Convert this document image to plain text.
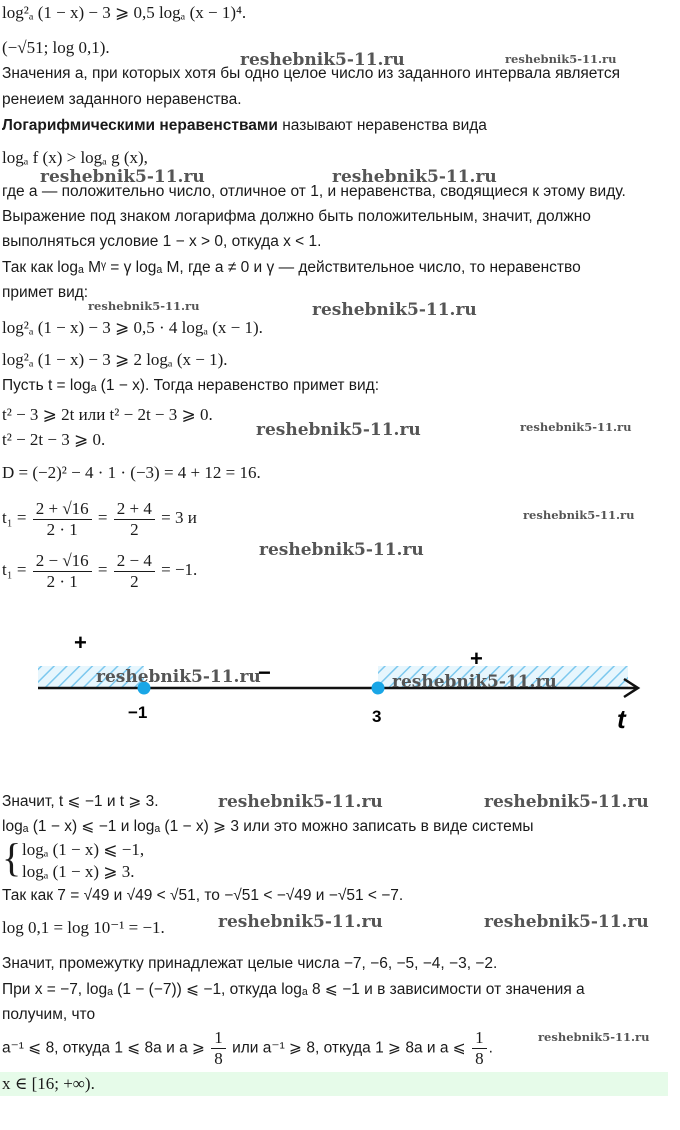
log²ₐ (1 − x) − 3 ⩾ 0,5 logₐ (x − 1)⁴.
(−√51; log 0,1).
Значения a, при которых хотя бы одно целое число из заданного интервала является
ренеием заданного неравенства.
Логарифмическими неравенствами называют неравенства вида
logₐ f (x) > logₐ g (x),
где a — положительно число, отличное от 1, и неравенства, сводящиеся к этому виду.
Выражение под знаком логарифма должно быть положительным, значит, должно
выполняться условие 1 − x > 0, откуда x < 1.
Так как logₐ Mᵞ = γ logₐ M, где a ≠ 0 и γ — действительное число, то неравенство
примет вид:
log²ₐ (1 − x) − 3 ⩾ 0,5 · 4 logₐ (x − 1).
log²ₐ (1 − x) − 3 ⩾ 2 logₐ (x − 1).
Пусть t = logₐ (1 − x). Тогда неравенство примет вид:
t² − 3 ⩾ 2t или t² − 2t − 3 ⩾ 0.
t² − 2t − 3 ⩾ 0.
D = (−2)² − 4 · 1 · (−3) = 4 + 12 = 16.
$t_1 = \frac{2 + √16}{2 \cdot 1} = \frac{2 + 4}{2} = 3$ и
$t_1 = \frac{2 - √16}{2 \cdot 1} = \frac{2 - 4}{2} = -1$.
−1	3	t
+
−
+
Значит, t ⩽ −1 и t ⩾ 3.
logₐ (1 − x) ⩽ −1 и logₐ (1 − x) ⩾ 3 или это можно записать в виде системы
{ logₐ (1 − x) ⩽ −1,
logₐ (1 − x) ⩾ 3.
Так как 7 = √49 и √49 < √51, то −√51 < −√49 и −√51 < −7.
log 0,1 = log 10⁻¹ = −1.
Значит, промежутку принадлежат целые числа −7, −6, −5, −4, −3, −2.
При x = −7, logₐ (1 − (−7)) ⩽ −1, откуда logₐ 8 ⩽ −1 и в зависимости от значения a
получим, что
a⁻¹ ⩽ 8, откуда 1 ⩽ 8a и a ⩾ $\frac{1}{8}$ или a⁻¹ ⩾ 8, откуда 1 ⩾ 8a и a ⩽ $\frac{1}{8}$ .
x ∈ [16; +∞).
reshebnik5-11.ru	reshebnik5-11.ru
reshebnik5-11.ru	reshebnik5-11.ru
reshebnik5-11.ru	reshebnik5-11.ru
reshebnik5-11.ru	reshebnik5-11.ru
reshebnik5-11.ru
reshebnik5-11.ru
reshebnik5-11.ru	reshebnik5-11.ru
reshebnik5-11.ru	reshebnik5-11.ru
reshebnik5-11.ru	reshebnik5-11.ru
reshebnik5-11.ru
